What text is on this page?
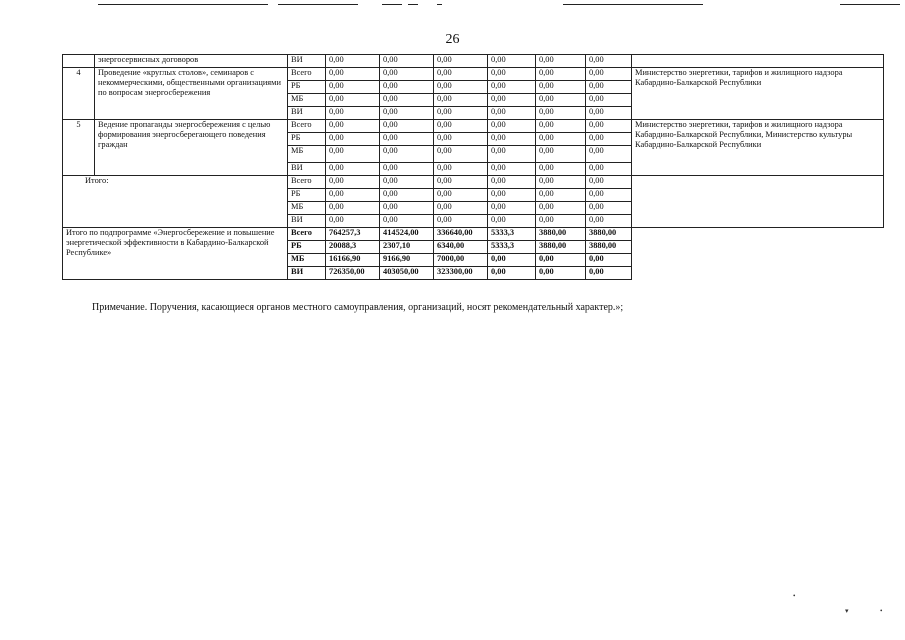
26
	энергосервисных договоров	ВИ	0,00	0,00	0,00	0,00	0,00	0,00	
4	Проведение «круглых столов», семинаров с некоммерческими, общественными организациями по вопросам энергосбережения	Всего	0,00	0,00	0,00	0,00	0,00	0,00	Министерство энергетики, тарифов и жилищного надзора Кабардино-Балкарской Республики
		РБ	0,00	0,00	0,00	0,00	0,00	0,00	
		МБ	0,00	0,00	0,00	0,00	0,00	0,00	
		ВИ	0,00	0,00	0,00	0,00	0,00	0,00	
5	Ведение пропаганды энергосбережения с целью формирования энергосберегающего поведения граждан	Всего	0,00	0,00	0,00	0,00	0,00	0,00	Министерство энергетики, тарифов и жилищного надзора Кабардино-Балкарской Республики, Министерство культуры Кабардино-Балкарской Республики
		РБ	0,00	0,00	0,00	0,00	0,00	0,00	
		МБ	0,00	0,00	0,00	0,00	0,00	0,00	
		ВИ	0,00	0,00	0,00	0,00	0,00	0,00	
Итого:		Всего	0,00	0,00	0,00	0,00	0,00	0,00	
		РБ	0,00	0,00	0,00	0,00	0,00	0,00	
		МБ	0,00	0,00	0,00	0,00	0,00	0,00	
		ВИ	0,00	0,00	0,00	0,00	0,00	0,00	
Итого по подпрограмме «Энергосбережение и повышение энергетической эффективности в Кабардино-Балкарской Республике»		Всего	764257,3	414524,00	336640,00	5333,3	3880,00	3880,00	
		РБ	20088,3	2307,10	6340,00	5333,3	3880,00	3880,00	
		МБ	16166,90	9166,90	7000,00	0,00	0,00	0,00	
		ВИ	726350,00	403050,00	323300,00	0,00	0,00	0,00	
Примечание. Поручения, касающиеся органов местного самоуправления, организаций, носят рекомендательный характер.»;
•
▾	•
